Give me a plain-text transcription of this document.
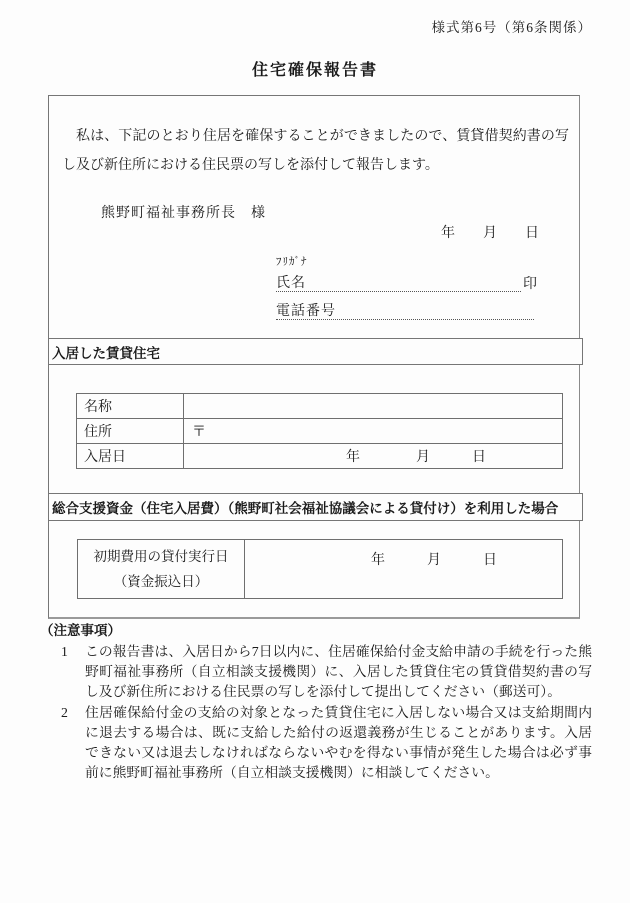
様式第6号（第6条関係）
住宅確保報告書
私は、下記のとおり住居を確保することができましたので、賃貸借契約書の写し及び新住所における住民票の写しを添付して報告します。
熊野町福祉事務所長　様
年　　月　　日
ﾌﾘｶﾞﾅ
氏名	印
電話番号
入居した賃貸住宅
名称
住所	〒
入居日	年　　　　月　　　日
総合支援資金（住宅入居費）（熊野町社会福祉協議会による貸付け）を利用した場合
初期費用の貸付実行日
（資金振込日）
年　　　月　　　日
（注意事項）
1 この報告書は、入居日から7日以内に、住居確保給付金支給申請の手続を行った熊野町福祉事務所（自立相談支援機関）に、入居した賃貸住宅の賃貸借契約書の写し及び新住所における住民票の写しを添付して提出してください（郵送可）。
2 住居確保給付金の支給の対象となった賃貸住宅に入居しない場合又は支給期間内に退去する場合は、既に支給した給付の返還義務が生じることがあります。入居できない又は退去しなければならないやむを得ない事情が発生した場合は必ず事前に熊野町福祉事務所（自立相談支援機関）に相談してください。
